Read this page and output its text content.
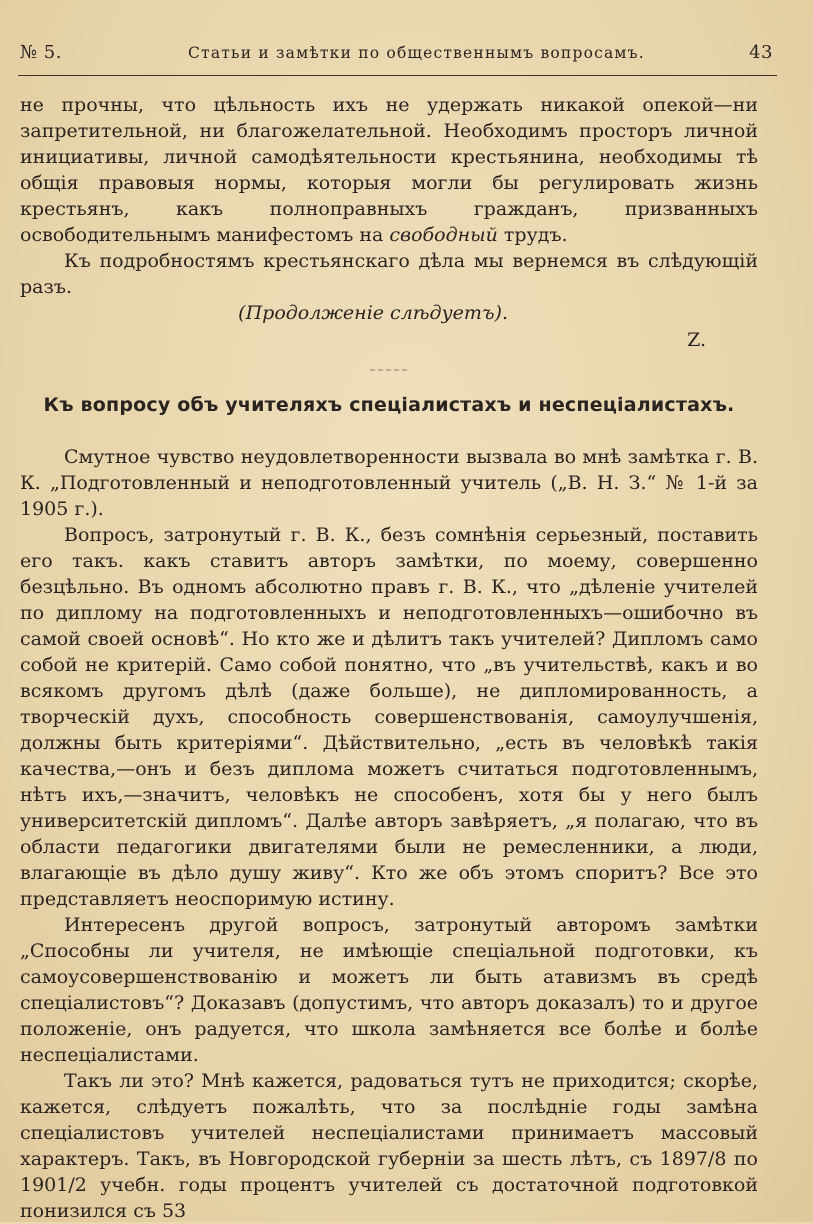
№ 5.	Статьи и замѣтки по общественнымъ вопросамъ.	43

не прочны, что цѣльность ихъ не удержать никакой опекой—ни запретительной, ни благожелательной. Необходимъ просторъ личной инициативы, личной самодѣятельности крестьянина, необходимы тѣ общія правовыя нормы, которыя могли бы регулировать жизнь крестьянъ, какъ полноправныхъ гражданъ, призванныхъ освободительнымъ манифестомъ на свободный трудъ.

Къ подробностямъ крестьянскаго дѣла мы вернемся въ слѣдующій разъ.

(Продолженіе слѣдуетъ).

Z.

˜˜˜˜˜

Къ вопросу объ учителяхъ спеціалистахъ и неспеціалистахъ.

Смутное чувство неудовлетворенности вызвала во мнѣ замѣтка г. В. К. „Подготовленный и неподготовленный учитель („В. Н. З.“ № 1-й за 1905 г.).

Вопросъ, затронутый г. В. К., безъ сомнѣнія серьезный, поставить его такъ. какъ ставитъ авторъ замѣтки, по моему, совершенно безцѣльно. Въ одномъ абсолютно правъ г. В. К., что „дѣленіе учителей по диплому на подготовленныхъ и неподготовленныхъ—ошибочно въ самой своей основѣ“. Но кто же и дѣлитъ такъ учителей? Дипломъ само собой не критерій. Само собой понятно, что „въ учительствѣ, какъ и во всякомъ другомъ дѣлѣ (даже больше), не дипломированность, а творческій духъ, способность совершенствованія, самоулучшенія, должны быть критеріями“. Дѣйствительно, „есть въ человѣкѣ такія качества,—онъ и безъ диплома можетъ считаться подготовленнымъ, нѣтъ ихъ,—значитъ, человѣкъ не способенъ, хотя бы у него былъ университетскій дипломъ“. Далѣе авторъ завѣряетъ, „я полагаю, что въ области педагогики двигателями были не ремесленники, а люди, влагающіе въ дѣло душу живу“. Кто же объ этомъ споритъ? Все это представляетъ неоспоримую истину.

Интересенъ другой вопросъ, затронутый авторомъ замѣтки „Способны ли учителя, не имѣющіе спеціальной подготовки, къ самоусовершенствованію и можетъ ли быть атавизмъ въ средѣ спеціалистовъ“? Доказавъ (допустимъ, что авторъ доказалъ) то и другое положеніе, онъ радуется, что школа замѣняется все болѣе и болѣе неспеціалистами.

Такъ ли это? Мнѣ кажется, радоваться тутъ не приходится; скорѣе, кажется, слѣдуетъ пожалѣть, что за послѣдніе годы замѣна спеціалистовъ учителей неспеціалистами принимаетъ массовый характеръ. Такъ, въ Новгородской губерніи за шесть лѣтъ, съ 1897/8 по 1901/2 учебн. годы процентъ учителей съ достаточной подготовкой понизился съ 53
